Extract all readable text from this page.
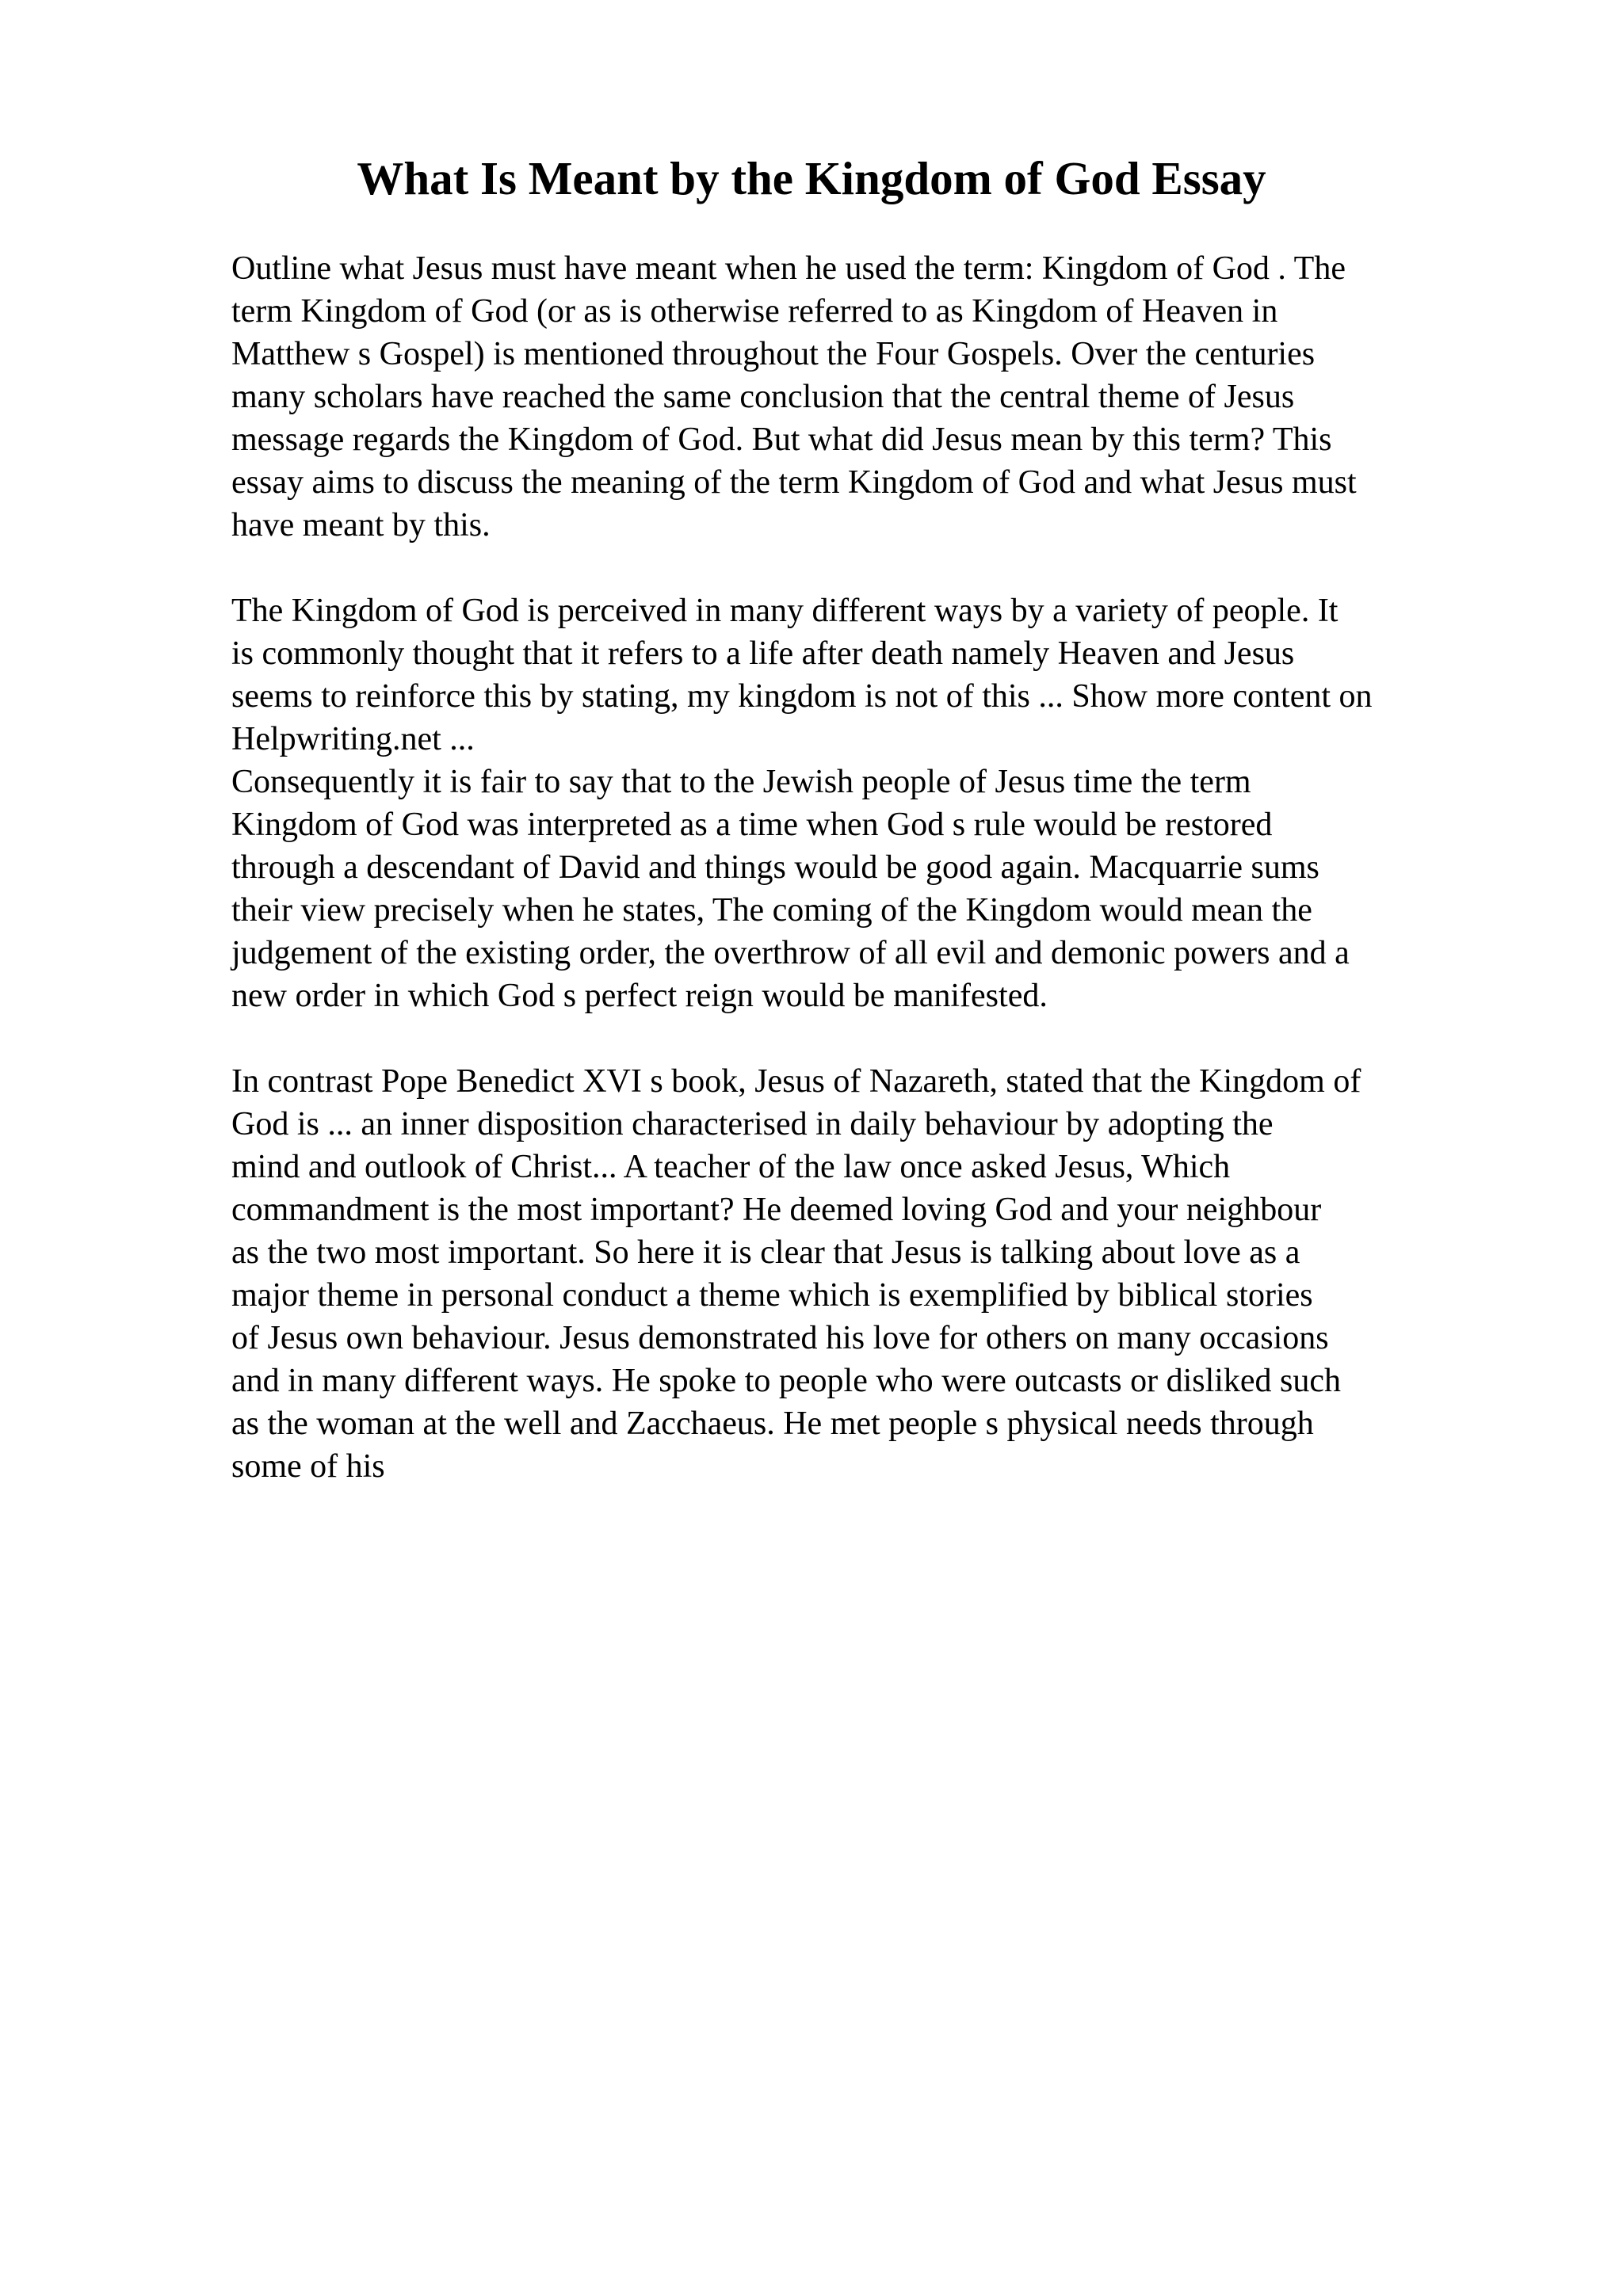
What Is Meant by the Kingdom of God Essay
Outline what Jesus must have meant when he used the term: Kingdom of God . The
term Kingdom of God (or as is otherwise referred to as Kingdom of Heaven in
Matthew s Gospel) is mentioned throughout the Four Gospels. Over the centuries
many scholars have reached the same conclusion that the central theme of Jesus
message regards the Kingdom of God. But what did Jesus mean by this term? This
essay aims to discuss the meaning of the term Kingdom of God and what Jesus must
have meant by this.
The Kingdom of God is perceived in many different ways by a variety of people. It
is commonly thought that it refers to a life after death namely Heaven and Jesus
seems to reinforce this by stating, my kingdom is not of this ... Show more content on
Helpwriting.net ...
Consequently it is fair to say that to the Jewish people of Jesus time the term
Kingdom of God was interpreted as a time when God s rule would be restored
through a descendant of David and things would be good again. Macquarrie sums
their view precisely when he states, The coming of the Kingdom would mean the
judgement of the existing order, the overthrow of all evil and demonic powers and a
new order in which God s perfect reign would be manifested.
In contrast Pope Benedict XVI s book, Jesus of Nazareth, stated that the Kingdom of
God is ... an inner disposition characterised in daily behaviour by adopting the
mind and outlook of Christ... A teacher of the law once asked Jesus, Which
commandment is the most important? He deemed loving God and your neighbour
as the two most important. So here it is clear that Jesus is talking about love as a
major theme in personal conduct a theme which is exemplified by biblical stories
of Jesus own behaviour. Jesus demonstrated his love for others on many occasions
and in many different ways. He spoke to people who were outcasts or disliked such
as the woman at the well and Zacchaeus. He met people s physical needs through
some of his
